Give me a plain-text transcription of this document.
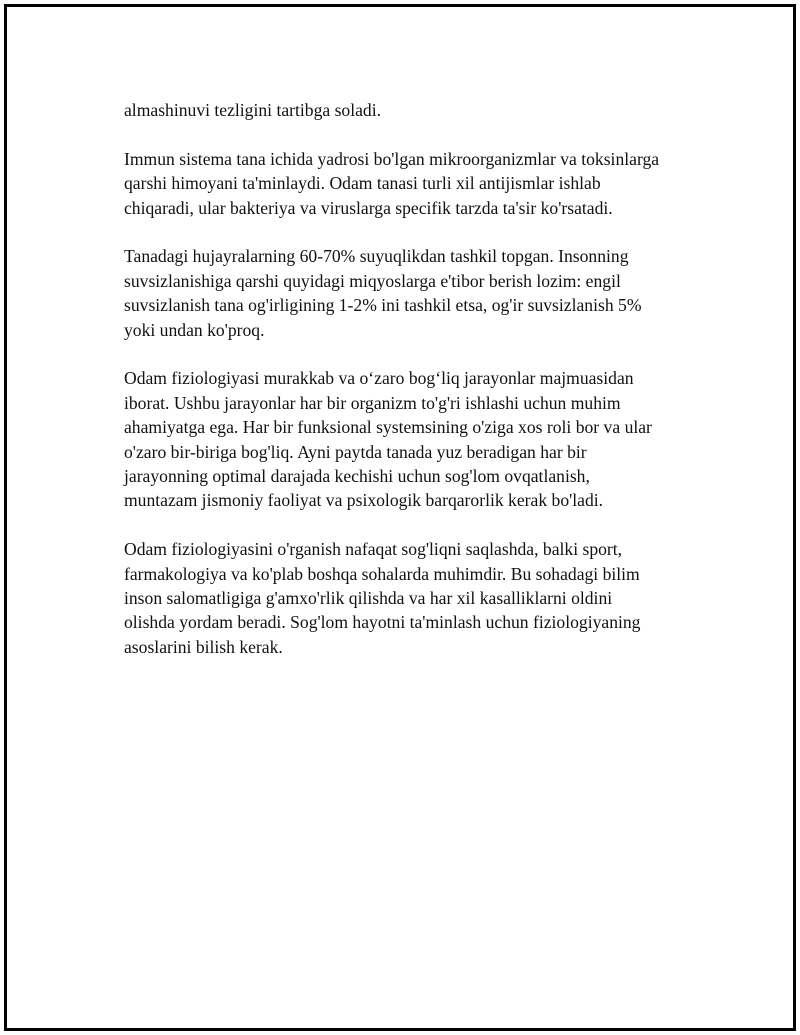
almashinuvi tezligini tartibga soladi.

Immun sistema tana ichida yadrosi bo'lgan mikroorganizmlar va toksinlarga
qarshi himoyani ta'minlaydi. Odam tanasi turli xil antijismlar ishlab
chiqaradi, ular bakteriya va viruslarga specifik tarzda ta'sir ko'rsatadi.

Tanadagi hujayralarning 60-70% suyuqlikdan tashkil topgan. Insonning
suvsizlanishiga qarshi quyidagi miqyoslarga e'tibor berish lozim: engil
suvsizlanish tana og'irligining 1-2% ini tashkil etsa, og'ir suvsizlanish 5%
yoki undan ko'proq.

Odam fiziologiyasi murakkab va oʻzaro bogʻliq jarayonlar majmuasidan
iborat. Ushbu jarayonlar har bir organizm to'g'ri ishlashi uchun muhim
ahamiyatga ega. Har bir funksional systemsining o'ziga xos roli bor va ular
o'zaro bir-biriga bog'liq. Ayni paytda tanada yuz beradigan har bir
jarayonning optimal darajada kechishi uchun sog'lom ovqatlanish,
muntazam jismoniy faoliyat va psixologik barqarorlik kerak bo'ladi.

Odam fiziologiyasini o'rganish nafaqat sog'liqni saqlashda, balki sport,
farmakologiya va ko'plab boshqa sohalarda muhimdir. Bu sohadagi bilim
inson salomatligiga g'amxo'rlik qilishda va har xil kasalliklarni oldini
olishda yordam beradi. Sog'lom hayotni ta'minlash uchun fiziologiyaning
asoslarini bilish kerak.
